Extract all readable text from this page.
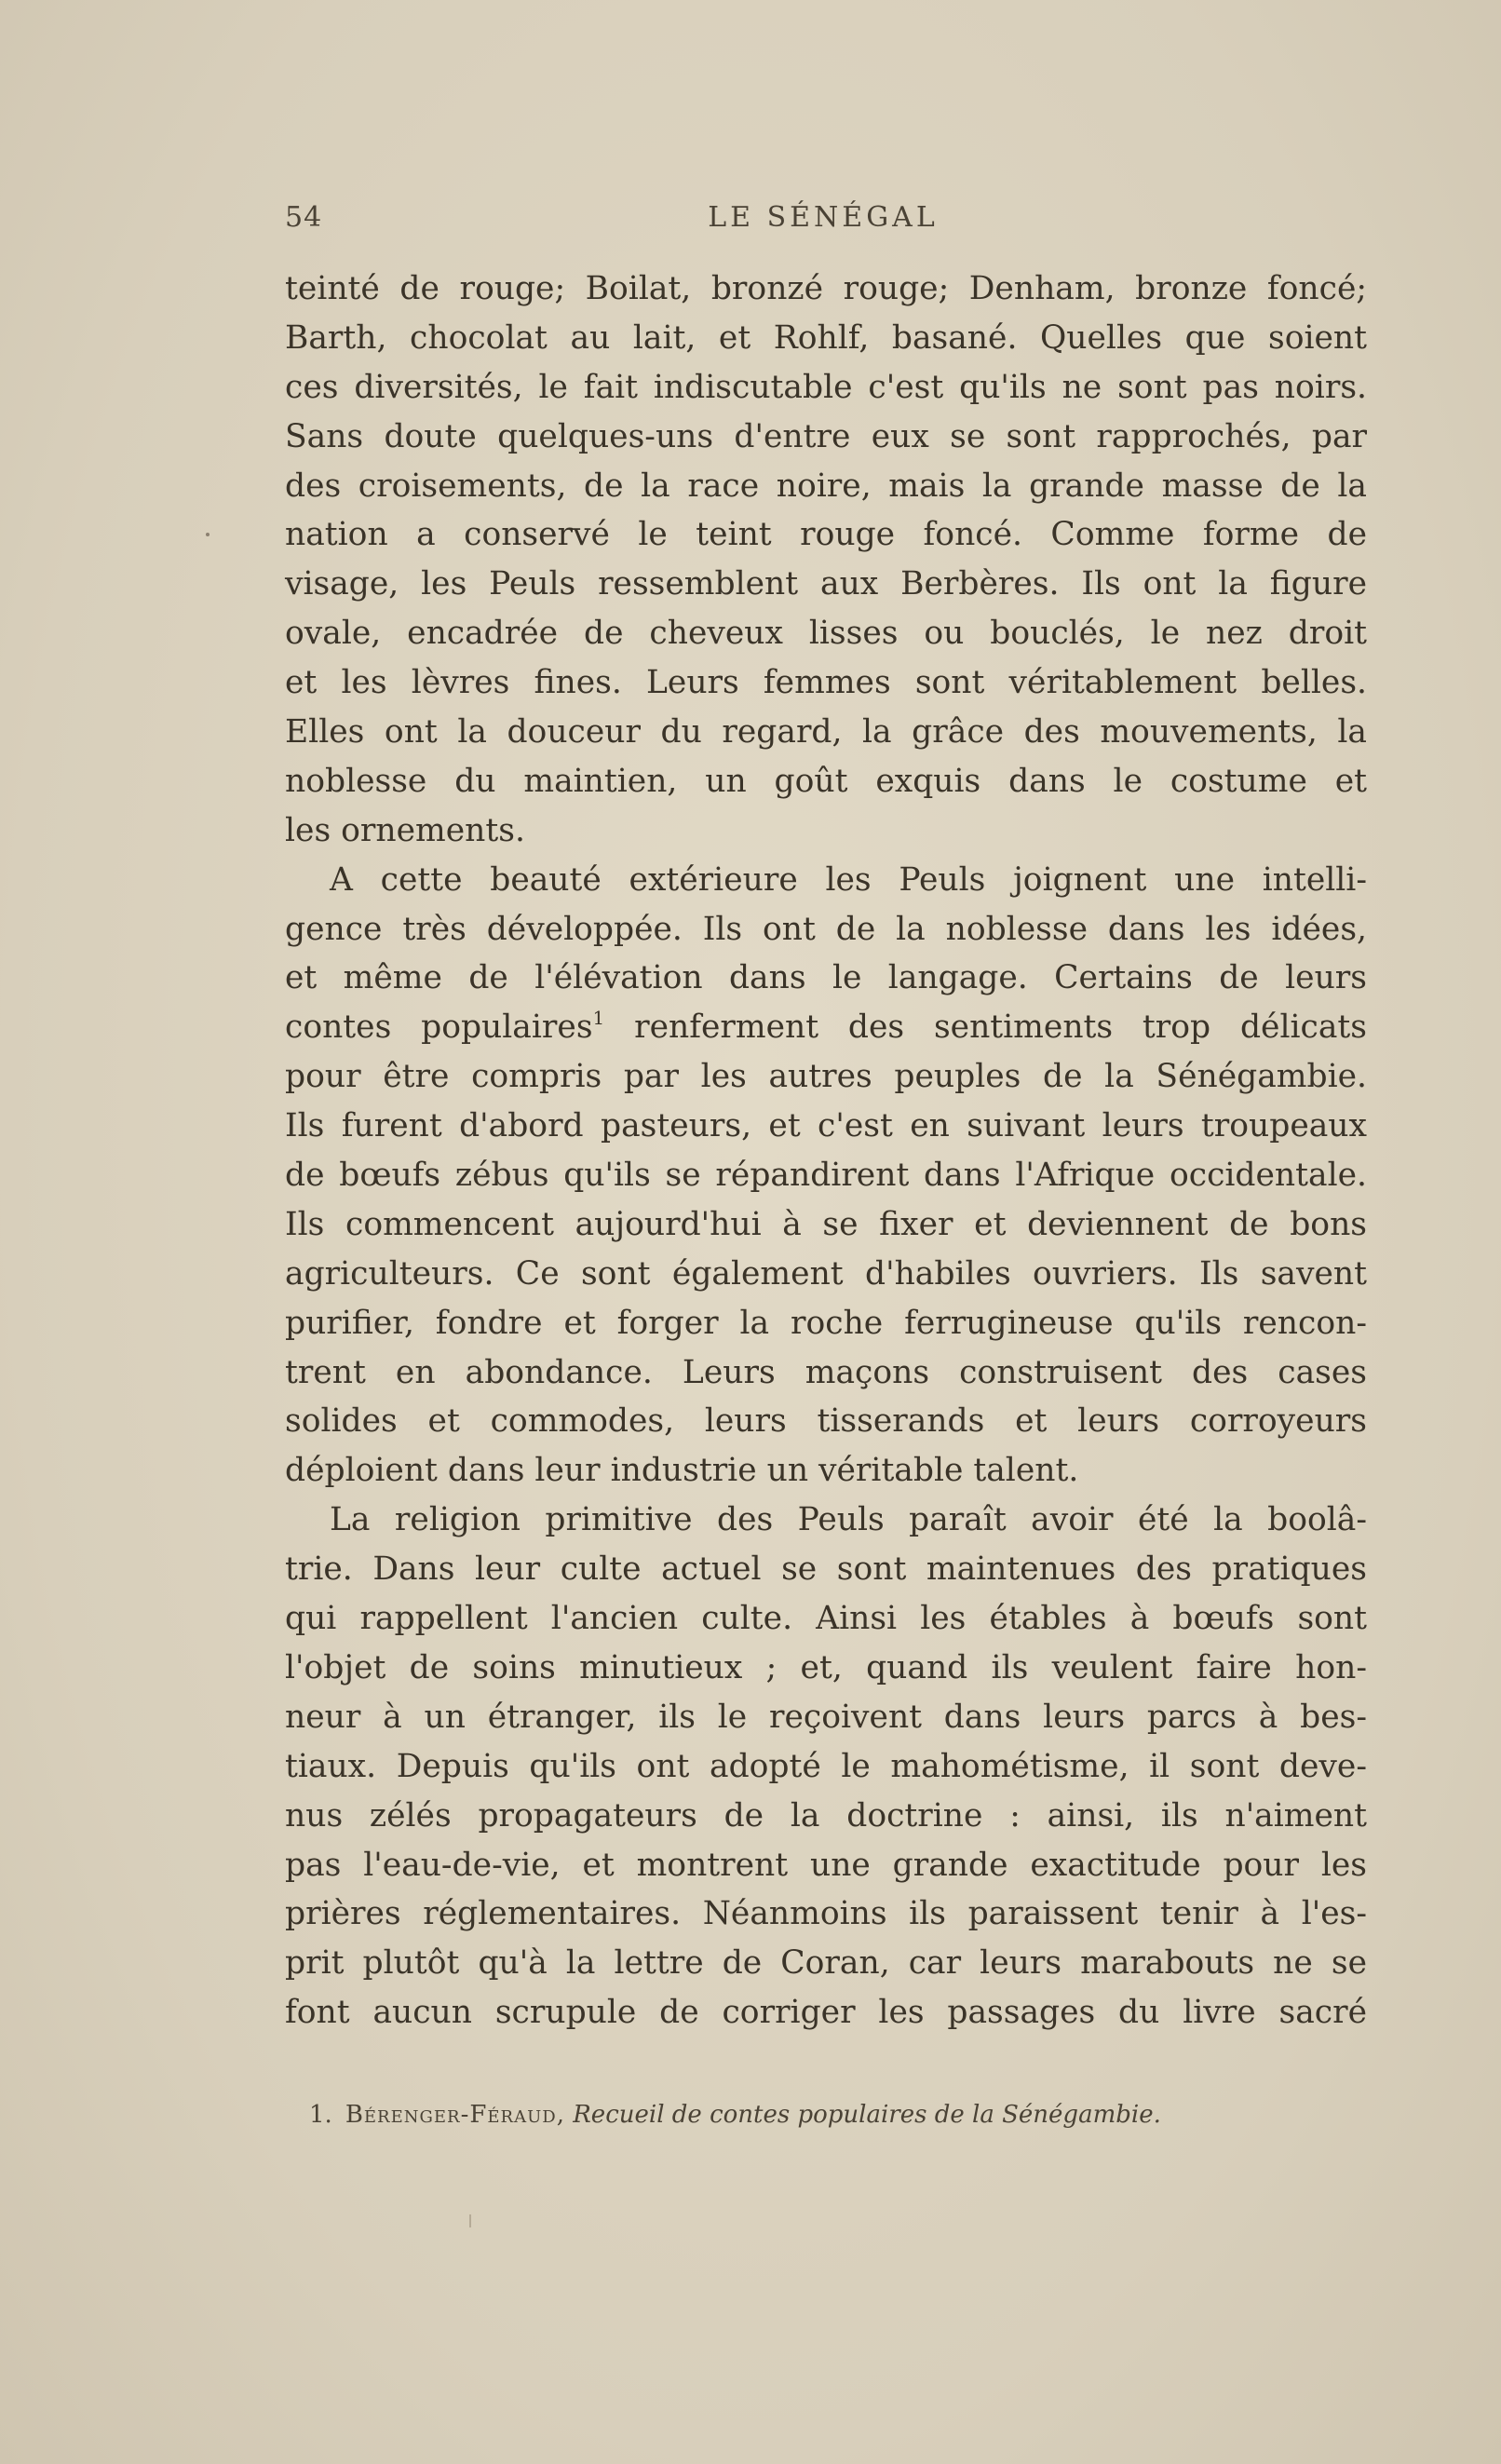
54	LE SÉNÉGAL
teinté de rouge; Boilat, bronzé rouge; Denham, bronze foncé;
Barth, chocolat au lait, et Rohlf, basané. Quelles que soient
ces diversités, le fait indiscutable c'est qu'ils ne sont pas noirs.
Sans doute quelques-uns d'entre eux se sont rapprochés, par
des croisements, de la race noire, mais la grande masse de la
nation a conservé le teint rouge foncé. Comme forme de
visage, les Peuls ressemblent aux Berbères. Ils ont la figure
ovale, encadrée de cheveux lisses ou bouclés, le nez droit
et les lèvres fines. Leurs femmes sont véritablement belles.
Elles ont la douceur du regard, la grâce des mouvements, la
noblesse du maintien, un goût exquis dans le costume et
les ornements.
A cette beauté extérieure les Peuls joignent une intelli-
gence très développée. Ils ont de la noblesse dans les idées,
et même de l'élévation dans le langage. Certains de leurs
contes populaires$^1$ renferment des sentiments trop délicats
pour être compris par les autres peuples de la Sénégambie.
Ils furent d'abord pasteurs, et c'est en suivant leurs troupeaux
de bœufs zébus qu'ils se répandirent dans l'Afrique occidentale.
Ils commencent aujourd'hui à se fixer et deviennent de bons
agriculteurs. Ce sont également d'habiles ouvriers. Ils savent
purifier, fondre et forger la roche ferrugineuse qu'ils rencon-
trent en abondance. Leurs maçons construisent des cases
solides et commodes, leurs tisserands et leurs corroyeurs
déploient dans leur industrie un véritable talent.
La religion primitive des Peuls paraît avoir été la boolâ-
trie. Dans leur culte actuel se sont maintenues des pratiques
qui rappellent l'ancien culte. Ainsi les étables à bœufs sont
l'objet de soins minutieux ; et, quand ils veulent faire hon-
neur à un étranger, ils le reçoivent dans leurs parcs à bes-
tiaux. Depuis qu'ils ont adopté le mahométisme, il sont deve-
nus zélés propagateurs de la doctrine : ainsi, ils n'aiment
pas l'eau-de-vie, et montrent une grande exactitude pour les
prières réglementaires. Néanmoins ils paraissent tenir à l'es-
prit plutôt qu'à la lettre de Coran, car leurs marabouts ne se
font aucun scrupule de corriger les passages du livre sacré
1. Bérenger-Féraud, Recueil de contes populaires de la Sénégambie.
